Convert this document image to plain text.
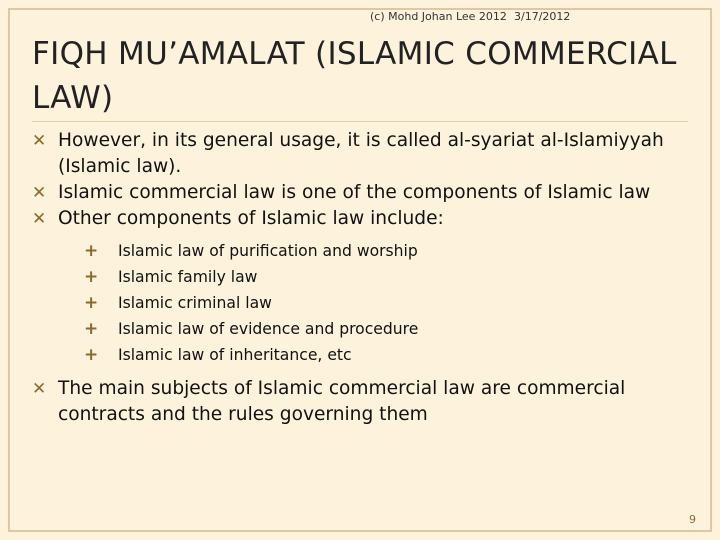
(c) Mohd Johan Lee 2012 3/17/2012
FIQH MU’AMALAT (ISLAMIC COMMERCIAL LAW)
✕ However, in its general usage, it is called al-syariat al-Islamiyyah (Islamic law).
✕ Islamic commercial law is one of the components of Islamic law
✕ Other components of Islamic law include:
+ Islamic law of purification and worship
+ Islamic family law
+ Islamic criminal law
+ Islamic law of evidence and procedure
+ Islamic law of inheritance, etc
✕ The main subjects of Islamic commercial law are commercial contracts and the rules governing them
9
